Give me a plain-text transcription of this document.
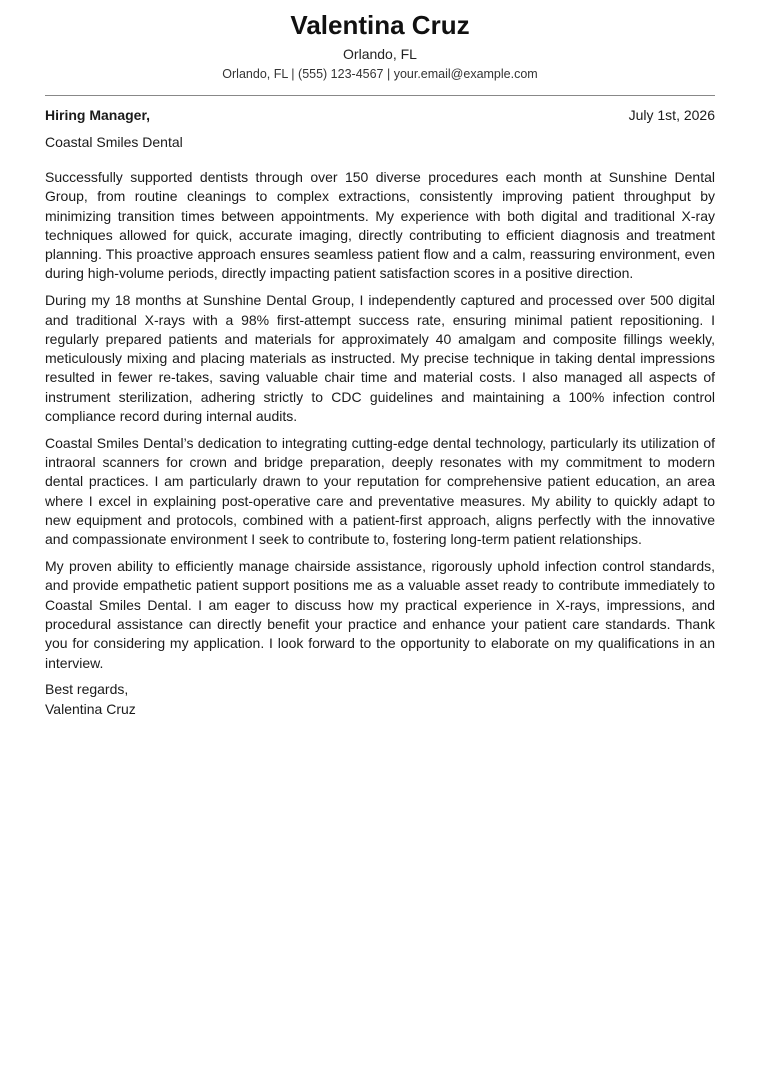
Valentina Cruz
Orlando, FL
Orlando, FL | (555) 123-4567 | your.email@example.com
Hiring Manager,	July 1st, 2026
Coastal Smiles Dental

Successfully supported dentists through over 150 diverse procedures each month at Sunshine Dental Group, from routine cleanings to complex extractions, consistently improving patient throughput by minimizing transition times between appointments. My experience with both digital and traditional X-ray techniques allowed for quick, accurate imaging, directly contributing to efficient diagnosis and treatment planning. This proactive approach ensures seamless patient flow and a calm, reassuring environment, even during high-volume periods, directly impacting patient satisfaction scores in a positive direction.

During my 18 months at Sunshine Dental Group, I independently captured and processed over 500 digital and traditional X-rays with a 98% first-attempt success rate, ensuring minimal patient repositioning. I regularly prepared patients and materials for approximately 40 amalgam and composite fillings weekly, meticulously mixing and placing materials as instructed. My precise technique in taking dental impressions resulted in fewer re-takes, saving valuable chair time and material costs. I also managed all aspects of instrument sterilization, adhering strictly to CDC guidelines and maintaining a 100% infection control compliance record during internal audits.

Coastal Smiles Dental’s dedication to integrating cutting-edge dental technology, particularly its utilization of intraoral scanners for crown and bridge preparation, deeply resonates with my commitment to modern dental practices. I am particularly drawn to your reputation for comprehensive patient education, an area where I excel in explaining post-operative care and preventative measures. My ability to quickly adapt to new equipment and protocols, combined with a patient-first approach, aligns perfectly with the innovative and compassionate environment I seek to contribute to, fostering long-term patient relationships.

My proven ability to efficiently manage chairside assistance, rigorously uphold infection control standards, and provide empathetic patient support positions me as a valuable asset ready to contribute immediately to Coastal Smiles Dental. I am eager to discuss how my practical experience in X-rays, impressions, and procedural assistance can directly benefit your practice and enhance your patient care standards. Thank you for considering my application. I look forward to the opportunity to elaborate on my qualifications in an interview.

Best regards,
Valentina Cruz
